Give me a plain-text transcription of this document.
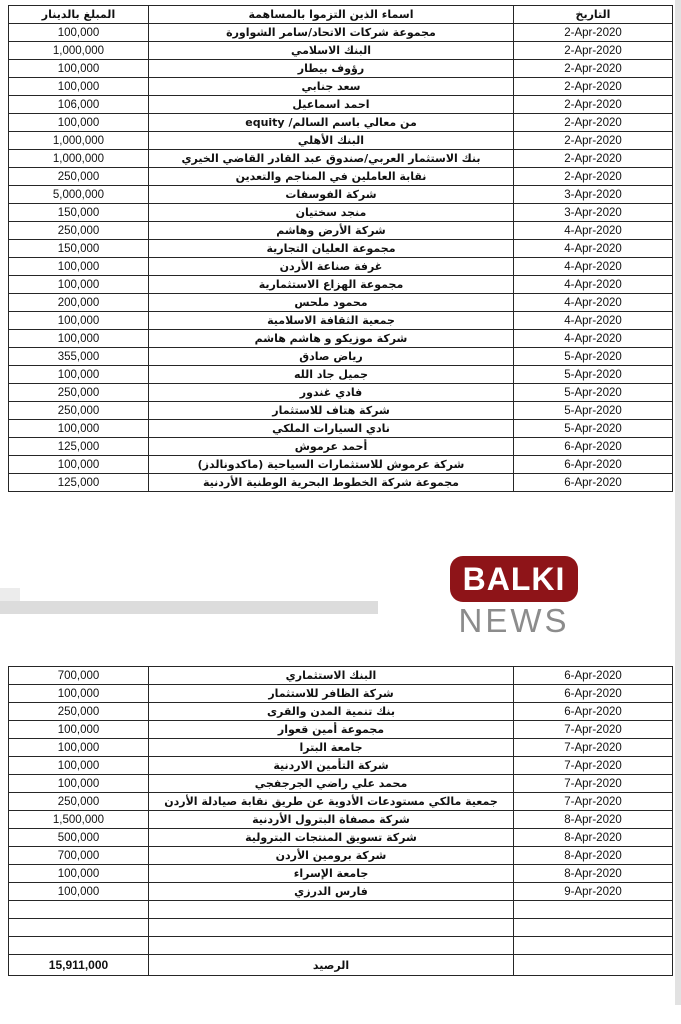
التاريخ	اسماء الذين التزموا بالمساهمة	المبلغ بالدينار
2-Apr-2020	مجموعة شركات الاتحاد/سامر الشواورة	100,000
2-Apr-2020	البنك الاسلامي	1,000,000
2-Apr-2020	رؤوف بيطار	100,000
2-Apr-2020	سعد جنابي	100,000
2-Apr-2020	احمد اسماعيل	106,000
2-Apr-2020	من معالي باسم السالم/ equity	100,000
2-Apr-2020	البنك الأهلي	1,000,000
2-Apr-2020	بنك الاستثمار العربي/صندوق عبد القادر القاضي الخيري	1,000,000
2-Apr-2020	نقابة العاملين في المناجم والتعدين	250,000
3-Apr-2020	شركة الفوسفات	5,000,000
3-Apr-2020	منجد سختيان	150,000
4-Apr-2020	شركة الأرض وهاشم	250,000
4-Apr-2020	مجموعة العليان التجارية	150,000
4-Apr-2020	غرفة صناعة الأردن	100,000
4-Apr-2020	مجموعة الهزاع الاستثمارية	100,000
4-Apr-2020	محمود ملحس	200,000
4-Apr-2020	جمعية الثقافة الاسلامية	100,000
4-Apr-2020	شركة موزيكو و هاشم هاشم	100,000
5-Apr-2020	رياض صادق	355,000
5-Apr-2020	جميل جاد الله	100,000
5-Apr-2020	فادي غندور	250,000
5-Apr-2020	شركة هتاف للاستثمار	250,000
5-Apr-2020	نادي السيارات الملكي	100,000
6-Apr-2020	أحمد عرموش	125,000
6-Apr-2020	شركة عرموش للاستثمارات السياحية (ماكدونالدز)	100,000
6-Apr-2020	مجموعة شركة الخطوط البحرية الوطنية الأردنية	125,000
BALKI
NEWS
6-Apr-2020	البنك الاستثماري	700,000
6-Apr-2020	شركة الظافر للاستثمار	100,000
6-Apr-2020	بنك تنمية المدن والقرى	250,000
7-Apr-2020	مجموعة أمين قعوار	100,000
7-Apr-2020	جامعة البترا	100,000
7-Apr-2020	شركة التأمين الاردنية	100,000
7-Apr-2020	محمد علي راضي الجرجفجي	100,000
7-Apr-2020	جمعية مالكي مستودعات الأدوية عن طريق نقابة صيادلة الأردن	250,000
8-Apr-2020	شركة مصفاة البترول الأردنية	1,500,000
8-Apr-2020	شركة تسويق المنتجات البترولية	500,000
8-Apr-2020	شركة برومين الأردن	700,000
8-Apr-2020	جامعة الإسراء	100,000
9-Apr-2020	فارس الدرزي	100,000

	الرصيد	15,911,000
